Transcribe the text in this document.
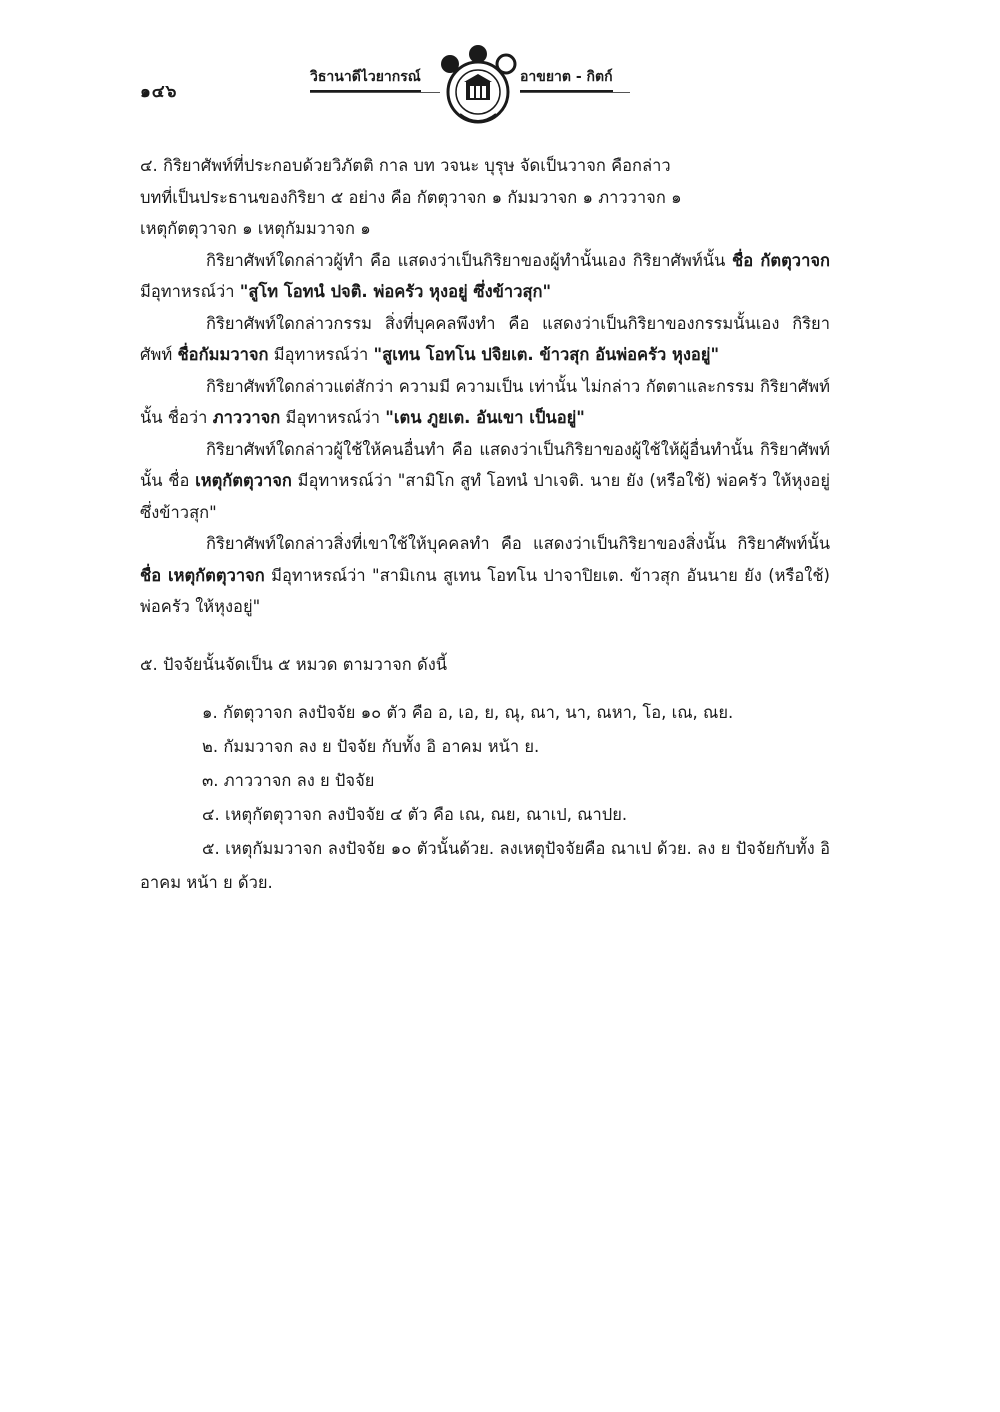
๑๔๖
วิธานาดีไวยากรณ์	อาขยาต - กิตก์

๔. กิริยาศัพท์ที่ประกอบด้วยวิภัตติ กาล บท วจนะ บุรุษ จัดเป็นวาจก คือกล่าว
บทที่เป็นประธานของกิริยา ๕ อย่าง คือ กัตตุวาจก ๑ กัมมวาจก ๑ ภาววาจก ๑
เหตุกัตตุวาจก ๑ เหตุกัมมวาจก ๑

กิริยาศัพท์ใดกล่าวผู้ทำ คือ แสดงว่าเป็นกิริยาของผู้ทำนั้นเอง กิริยาศัพท์นั้น ชื่อ กัตตุวาจก มีอุทาหรณ์ว่า "สูโท โอทนํ ปจติ. พ่อครัว หุงอยู่ ซึ่งข้าวสุก"

กิริยาศัพท์ใดกล่าวกรรม สิ่งที่บุคคลพึงทำ คือ แสดงว่าเป็นกิริยาของกรรมนั้นเอง กิริยาศัพท์ ชื่อกัมมวาจก มีอุทาหรณ์ว่า "สูเทน โอทโน ปจิยเต. ข้าวสุก อันพ่อครัว หุงอยู่"

กิริยาศัพท์ใดกล่าวแต่สักว่า ความมี ความเป็น เท่านั้น ไม่กล่าว กัตตาและกรรม กิริยาศัพท์นั้น ชื่อว่า ภาววาจก มีอุทาหรณ์ว่า "เตน ภูยเต. อันเขา เป็นอยู่"

กิริยาศัพท์ใดกล่าวผู้ใช้ให้คนอื่นทำ คือ แสดงว่าเป็นกิริยาของผู้ใช้ให้ผู้อื่นทำนั้น กิริยาศัพท์นั้น ชื่อ เหตุกัตตุวาจก มีอุทาหรณ์ว่า "สามิโก สูทํ โอทนํ ปาเจติ. นาย ยัง (หรือใช้) พ่อครัว ให้หุงอยู่ ซึ่งข้าวสุก"

กิริยาศัพท์ใดกล่าวสิ่งที่เขาใช้ให้บุคคลทำ คือ แสดงว่าเป็นกิริยาของสิ่งนั้น กิริยาศัพท์นั้น ชื่อ เหตุกัตตุวาจก มีอุทาหรณ์ว่า "สามิเกน สูเทน โอทโน ปาจาปิยเต. ข้าวสุก อันนาย ยัง (หรือใช้) พ่อครัว ให้หุงอยู่"

๕. ปัจจัยนั้นจัดเป็น ๕ หมวด ตามวาจก ดังนี้

๑. กัตตุวาจก ลงปัจจัย ๑๐ ตัว คือ อ, เอ, ย, ณุ, ณา, นา, ณหา, โอ, เณ, ณย.

๒. กัมมวาจก ลง ย ปัจจัย กับทั้ง อิ อาคม หน้า ย.

๓. ภาววาจก ลง ย ปัจจัย

๔. เหตุกัตตุวาจก ลงปัจจัย ๔ ตัว คือ เณ, ณย, ณาเป, ณาปย.

๕. เหตุกัมมวาจก ลงปัจจัย ๑๐ ตัวนั้นด้วย. ลงเหตุปัจจัยคือ ณาเป ด้วย. ลง ย ปัจจัยกับทั้ง อิ อาคม หน้า ย ด้วย.
